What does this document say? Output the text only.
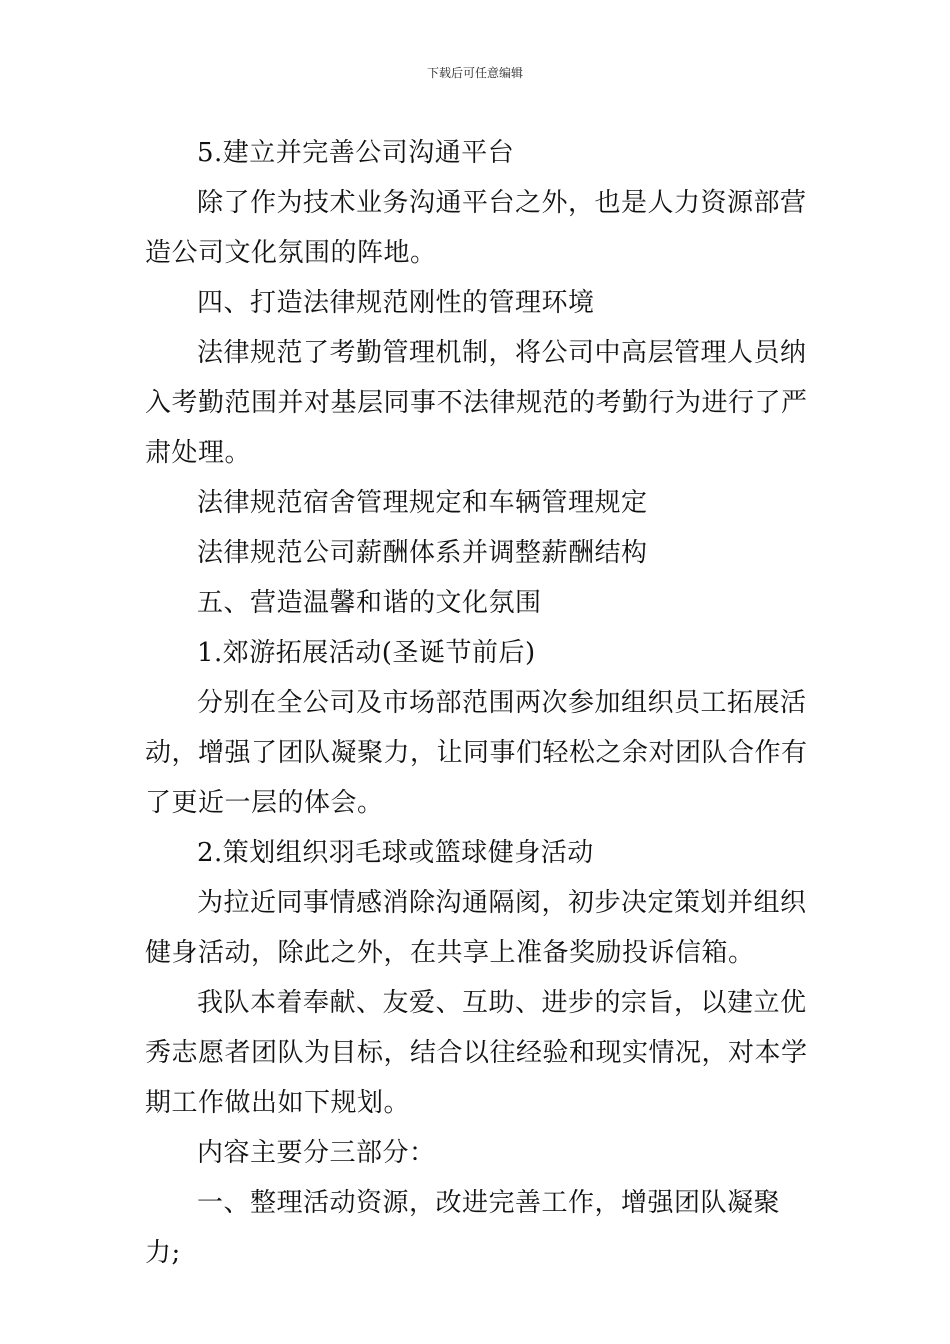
下载后可任意编辑

5.建立并完善公司沟通平台

除了作为技术业务沟通平台之外，也是人力资源部营造公司文化氛围的阵地。

四、打造法律规范刚性的管理环境

法律规范了考勤管理机制，将公司中高层管理人员纳入考勤范围并对基层同事不法律规范的考勤行为进行了严肃处理。

法律规范宿舍管理规定和车辆管理规定

法律规范公司薪酬体系并调整薪酬结构

五、营造温馨和谐的文化氛围

1.郊游拓展活动(圣诞节前后)

分别在全公司及市场部范围两次参加组织员工拓展活动，增强了团队凝聚力，让同事们轻松之余对团队合作有了更近一层的体会。

2.策划组织羽毛球或篮球健身活动

为拉近同事情感消除沟通隔阂，初步决定策划并组织健身活动，除此之外，在共享上准备奖励投诉信箱。

我队本着奉献、友爱、互助、进步的宗旨，以建立优秀志愿者团队为目标，结合以往经验和现实情况，对本学期工作做出如下规划。

内容主要分三部分：

一、整理活动资源，改进完善工作，增强团队凝聚力;
